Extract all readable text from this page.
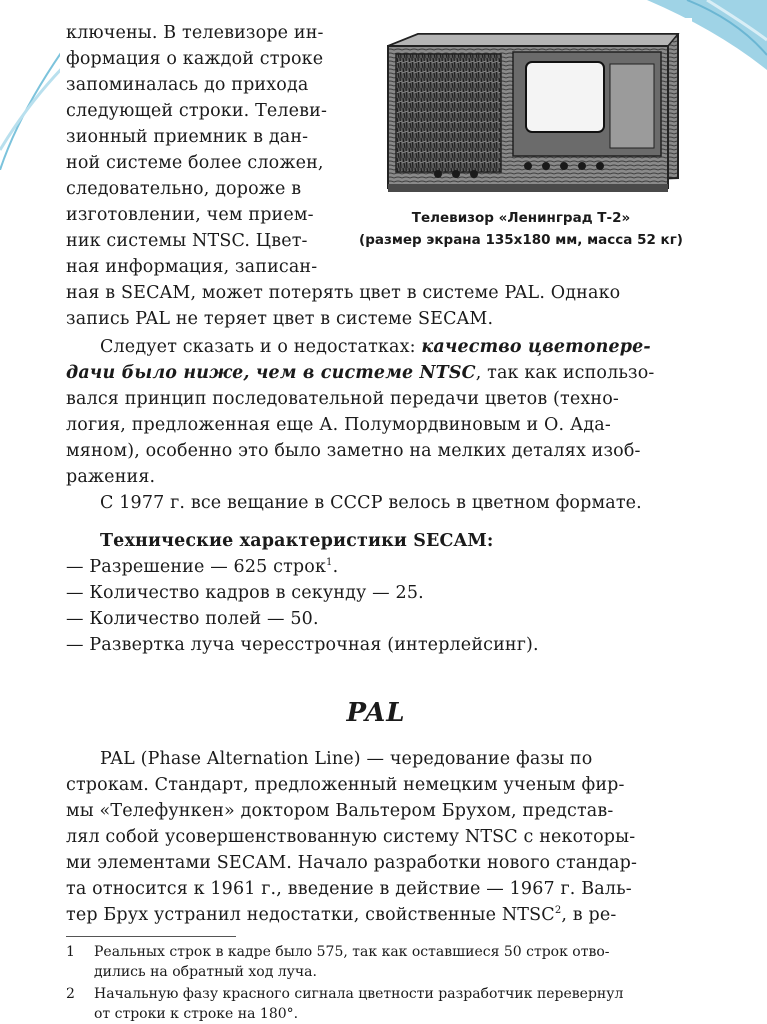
ключены. В телевизоре ин-
формация о каждой строке
запоминалась до прихода
следующей строки. Телеви-
зионный приемник в дан-
ной системе более сложен,
следовательно, дороже в
изготовлении, чем прием-
ник системы NTSC. Цвет-
ная информация, записан-
ная в SECAM, может потерять цвет в системе PAL. Однако
запись PAL не теряет цвет в системе SECAM.
Телевизор «Ленинград Т-2»
(размер экрана 135x180 мм, масса 52 кг)
Следует сказать и о недостатках: качество цветопере-
дачи было ниже, чем в системе NTSC, так как использо-
вался принцип последовательной передачи цветов (техно-
логия, предложенная еще А. Полумордвиновым и О. Ада-
мяном), особенно это было заметно на мелких деталях изоб-
ражения.
С 1977 г. все вещание в СССР велось в цветном формате.
Технические характеристики SECAM:
— Разрешение — 625 строк$^1$.
— Количество кадров в секунду — 25.
— Количество полей — 50.
— Развертка луча чересстрочная (интерлейсинг).
PAL
PAL (Phase Alternation Line) — чередование фазы по
строкам. Стандарт, предложенный немецким ученым фир-
мы «Телефункен» доктором Вальтером Брухом, представ-
лял собой усовершенствованную систему NTSC с некоторы-
ми элементами SECAM. Начало разработки нового стандар-
та относится к 1961 г., введение в действие — 1967 г. Валь-
тер Брух устранил недостатки, свойственные NTSC$^2$, в ре-
1	Реальных строк в кадре было 575, так как оставшиеся 50 строк отво-
дились на обратный ход луча.
2	Начальную фазу красного сигнала цветности разработчик перевернул
от строки к строке на 180°.
